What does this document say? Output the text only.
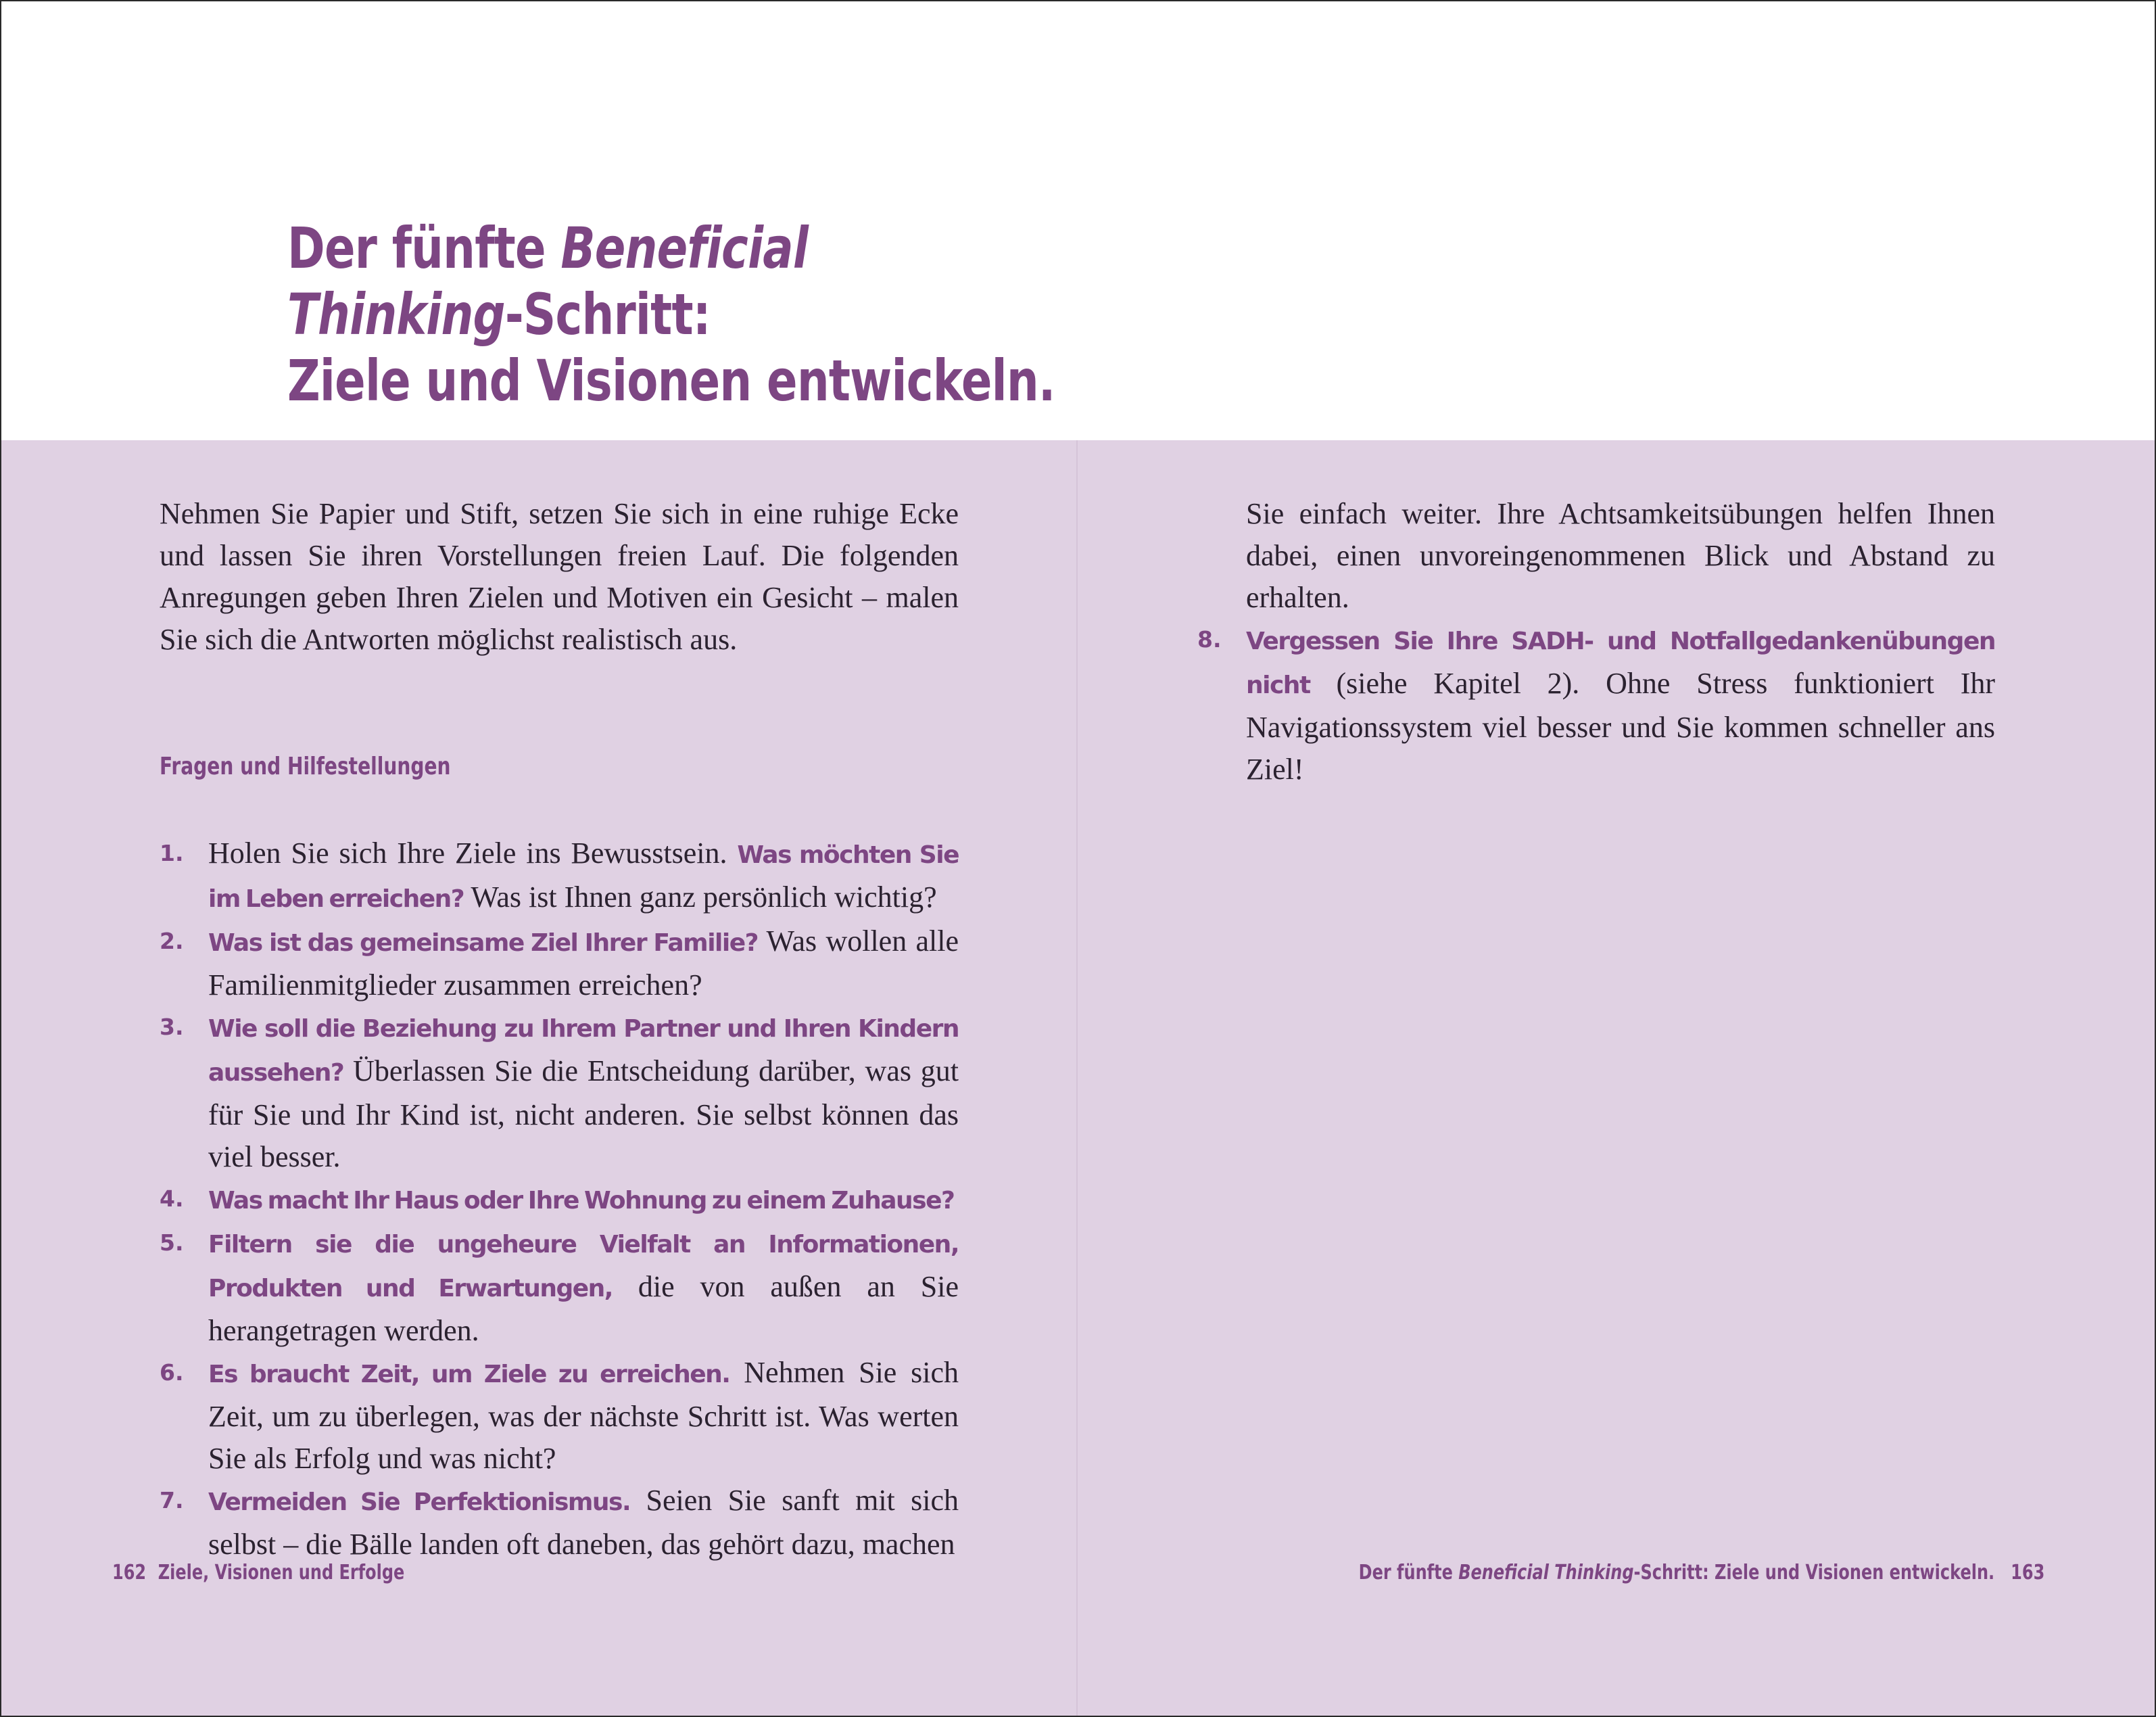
Der fünfte Beneficial
Thinking-Schritt:
Ziele und Visionen entwickeln.

Nehmen Sie Papier und Stift, setzen Sie sich in eine ruhige Ecke und lassen Sie ihren Vorstellungen freien Lauf. Die folgenden Anregungen geben Ihren Zielen und Motiven ein Gesicht – malen Sie sich die Antworten möglichst realistisch aus.

Fragen und Hilfestellungen
1. Holen Sie sich Ihre Ziele ins Bewusstsein. Was möchten Sie im Leben erreichen? Was ist Ihnen ganz persönlich wichtig?
2. Was ist das gemeinsame Ziel Ihrer Familie? Was wollen alle Familienmitglieder zusammen erreichen?
3. Wie soll die Beziehung zu Ihrem Partner und Ihren Kindern aussehen? Überlassen Sie die Entscheidung darüber, was gut für Sie und Ihr Kind ist, nicht anderen. Sie selbst können das viel besser.
4. Was macht Ihr Haus oder Ihre Wohnung zu einem Zuhause?
5. Filtern sie die ungeheure Vielfalt an Informationen, Produkten und Erwartungen, die von außen an Sie herangetragen werden.
6. Es braucht Zeit, um Ziele zu erreichen. Nehmen Sie sich Zeit, um zu überlegen, was der nächste Schritt ist. Was werten Sie als Erfolg und was nicht?
7. Vermeiden Sie Perfektionismus. Seien Sie sanft mit sich selbst – die Bälle landen oft daneben, das gehört dazu, machen

Sie einfach weiter. Ihre Achtsamkeitsübungen helfen Ihnen dabei, einen unvoreingenommenen Blick und Abstand zu erhalten.

8. Vergessen Sie Ihre SADH- und Notfallgedankenübungen nicht (siehe Kapitel 2). Ohne Stress funktioniert Ihr Navigationssystem viel besser und Sie kommen schneller ans Ziel!
162 Ziele, Visionen und Erfolge	Der fünfte Beneficial Thinking-Schritt: Ziele und Visionen entwickeln. 163
